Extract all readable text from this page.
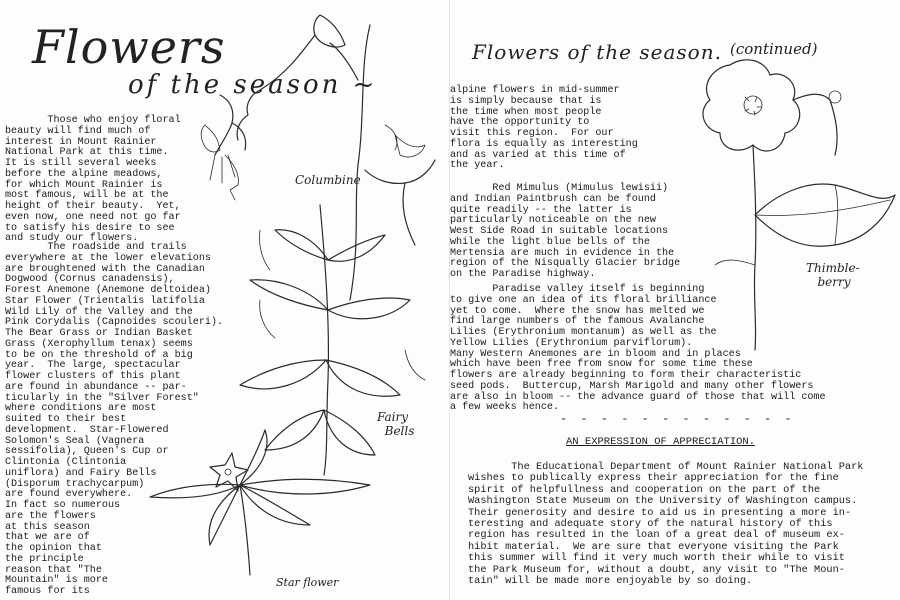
Flowers
of the season ~
Those who enjoy floral
beauty will find much of
interest in Mount Rainier
National Park at this time.
It is still several weeks
before the alpine meadows,
for which Mount Rainier is
most famous, will be at the
height of their beauty.  Yet,
even now, one need not go far
to satisfy his desire to see
and study our flowers.
The roadside and trails
everywhere at the lower elevations
are broughtened with the Canadian
Dogwood (Cornus canadensis),
Forest Anemone (Anemone deltoidea)
Star Flower (Trientalis latifolia
Wild Lily of the Valley and the
Pink Corydalis (Capnoides scouleri).
The Bear Grass or Indian Basket
Grass (Xerophyllum tenax) seems
to be on the threshold of a big
year.  The large, spectacular
flower clusters of this plant
are found in abundance -- par-
ticularly in the "Silver Forest"
where conditions are most
suited to their best
development.  Star-Flowered
Solomon's Seal (Vagnera
sessifolia), Queen's Cup or
Clintonia (Clintonia
uniflora) and Fairy Bells
(Disporum trachycarpum)
are found everywhere.
In fact so numerous
are the flowers
at this season
that we are of
the opinion that
the principle
reason that "The
Mountain" is more
famous for its
Columbine
Fairy
Bells
Star flower
Flowers of the season. (continued)
alpine flowers in mid-summer
is simply because that is
the time when most people
have the opportunity to
visit this region.  For our
flora is equally as interesting
and as varied at this time of
the year.
Red Mimulus (Mimulus lewisii)
and Indian Paintbrush can be found
quite readily -- the latter is
particularly noticeable on the new
West Side Road in suitable locations
while the light blue bells of the
Mertensia are much in evidence in the
region of the Nisqually Glacier bridge
on the Paradise highway.
Paradise valley itself is beginning
to give one an idea of its floral brilliance
yet to come.  Where the snow has melted we
find large numbers of the famous Avalanche
Lilies (Erythronium montanum) as well as the
Yellow Lilies (Erythronium parviflorum).
Many Western Anemones are in bloom and in places
which have been free from snow for some time these
flowers are already beginning to form their characteristic
seed pods.  Buttercup, Marsh Marigold and many other flowers
are also in bloom -- the advance guard of those that will come
a few weeks hence.
- - - - - - - - - - - -
AN EXPRESSION OF APPRECIATION.
The Educational Department of Mount Rainier National Park
wishes to publically express their appreciation for the fine
spirit of helpfullness and cooperation on the part of the
Washington State Museum on the University of Washington campus.
Their generosity and desire to aid us in presenting a more in-
teresting and adequate story of the natural history of this
region has resulted in the loan of a great deal of museum ex-
hibit material.  We are sure that everyone visiting the Park
this summer will find it very much worth their while to visit
the Park Museum for, without a doubt, any visit to "The Moun-
tain" will be made more enjoyable by so doing.
Thimble-
berry
